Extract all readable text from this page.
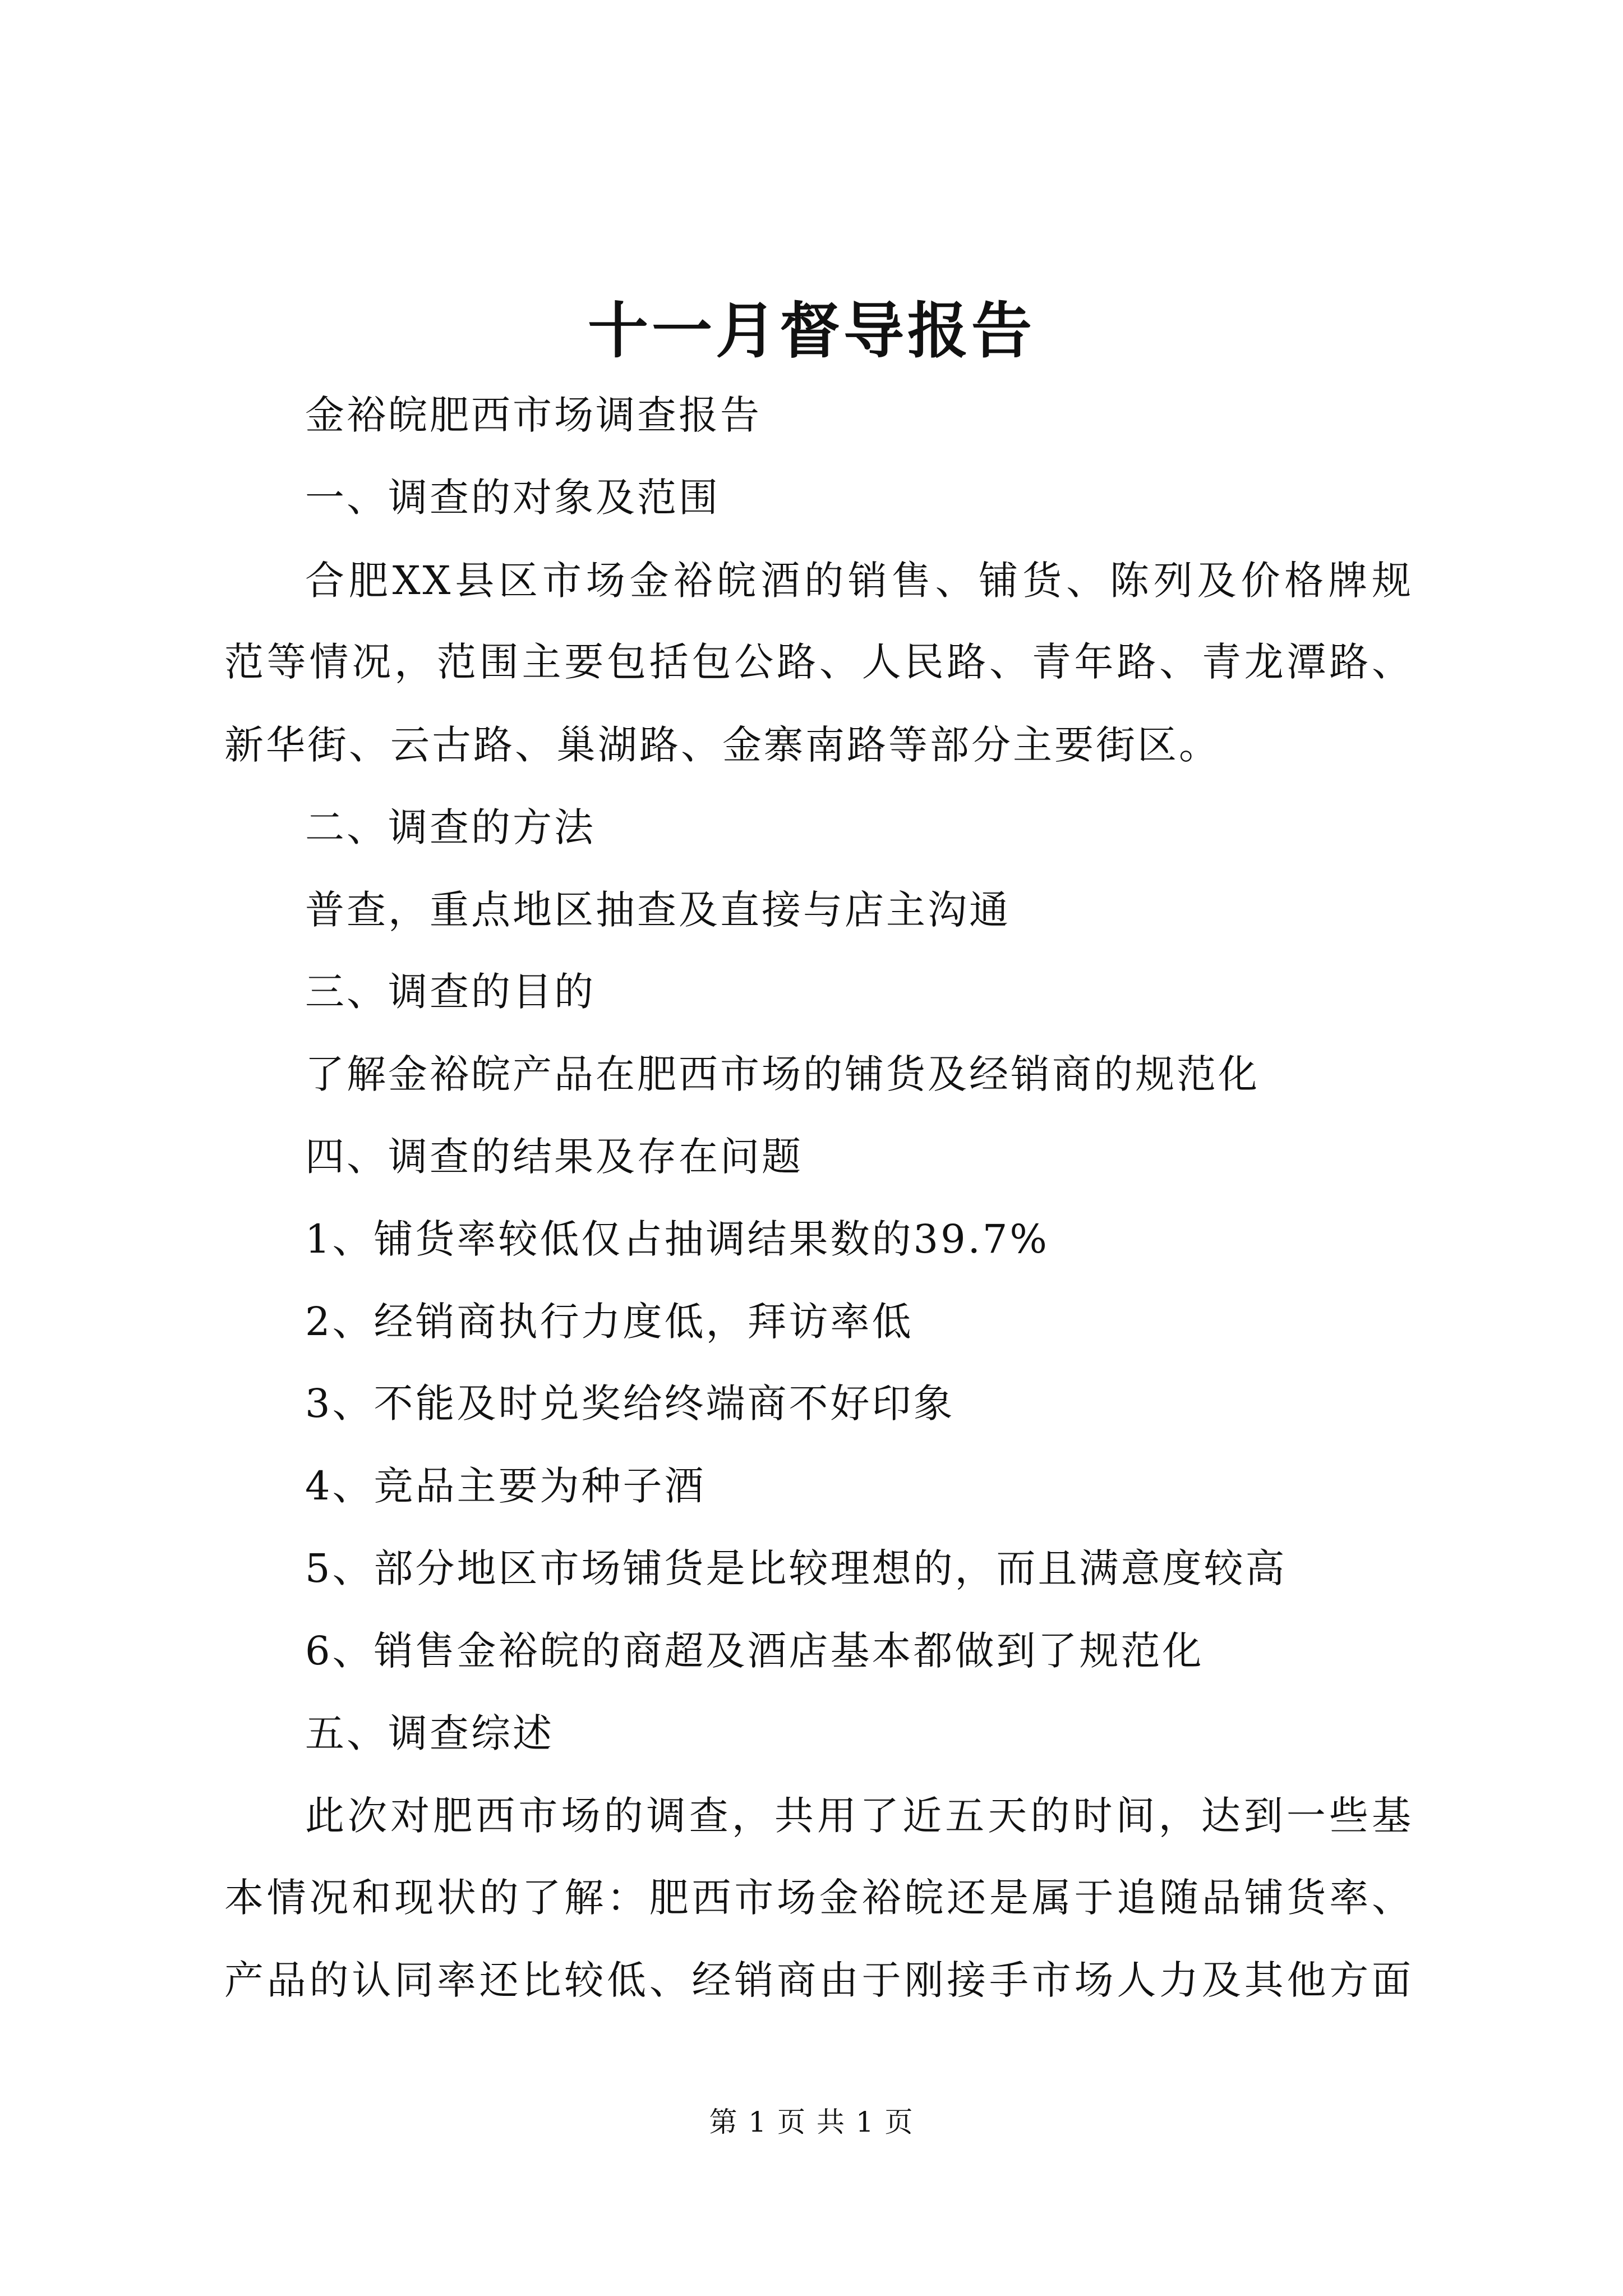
十一月督导报告
金裕皖肥西市场调查报告
一、调查的对象及范围
合肥XX县区市场金裕皖酒的销售、铺货、陈列及价格牌规
范等情况，范围主要包括包公路、人民路、青年路、青龙潭路、
新华街、云古路、巢湖路、金寨南路等部分主要街区。
二、调查的方法
普查，重点地区抽查及直接与店主沟通
三、调查的目的
了解金裕皖产品在肥西市场的铺货及经销商的规范化
四、调查的结果及存在问题
1、铺货率较低仅占抽调结果数的39.7%
2、经销商执行力度低，拜访率低
3、不能及时兑奖给终端商不好印象
4、竞品主要为种子酒
5、部分地区市场铺货是比较理想的，而且满意度较高
6、销售金裕皖的商超及酒店基本都做到了规范化
五、调查综述
此次对肥西市场的调查，共用了近五天的时间，达到一些基
本情况和现状的了解：肥西市场金裕皖还是属于追随品铺货率、
产品的认同率还比较低、经销商由于刚接手市场人力及其他方面
第 1 页 共 1 页
